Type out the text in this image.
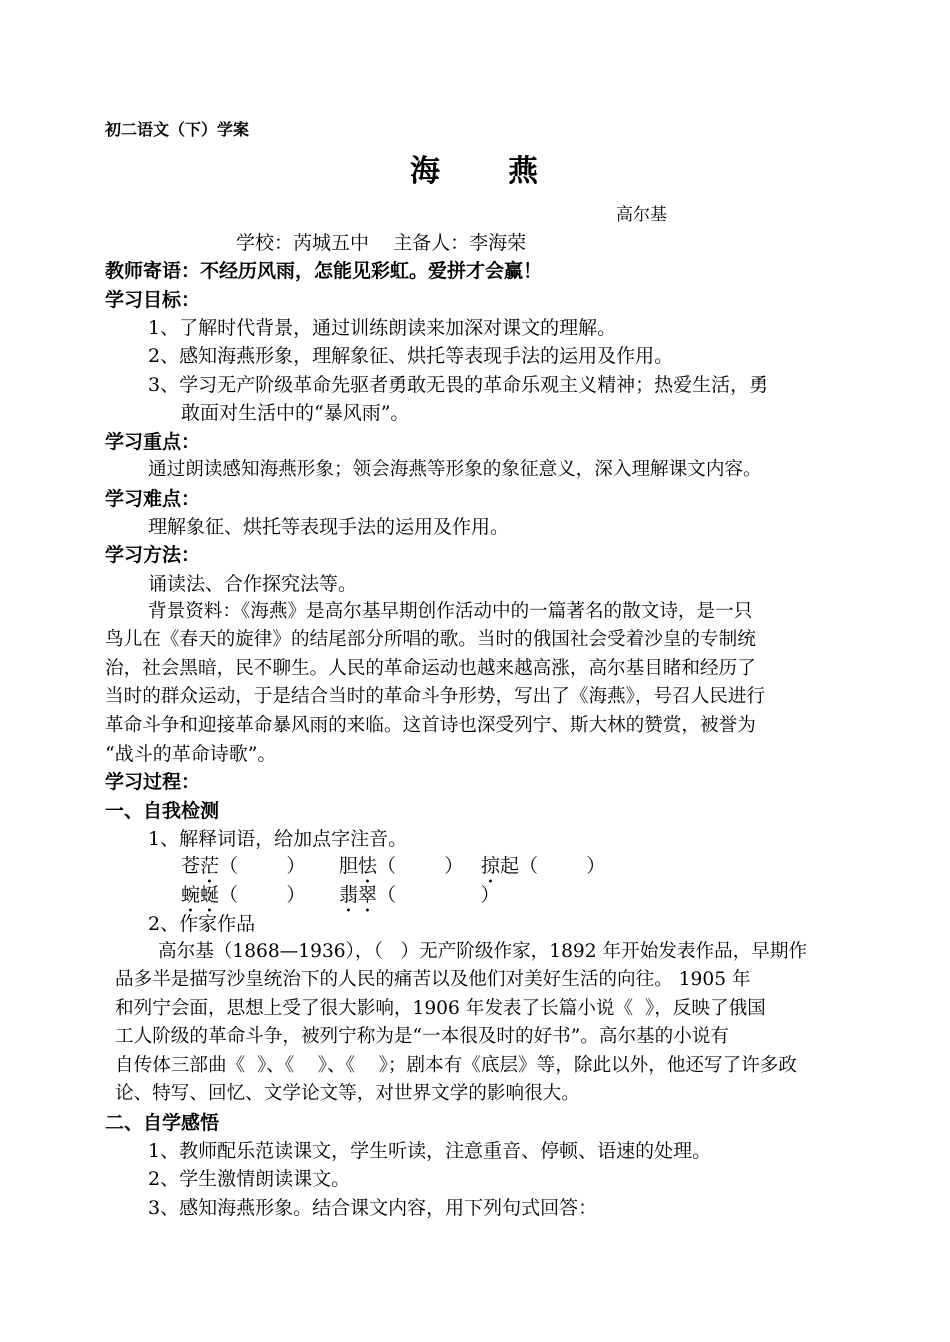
初二语文（下）学案
海 燕
高尔基
学校：芮城五中    主备人：李海荣
教师寄语：不经历风雨，怎能见彩虹。爱拼才会赢！
学习目标：
1、了解时代背景，通过训练朗读来加深对课文的理解。
2、感知海燕形象，理解象征、烘托等表现手法的运用及作用。
3、学习无产阶级革命先驱者勇敢无畏的革命乐观主义精神；热爱生活，勇
敢面对生活中的“暴风雨”。
学习重点：
通过朗读感知海燕形象；领会海燕等形象的象征意义，深入理解课文内容。
学习难点：
理解象征、烘托等表现手法的运用及作用。
学习方法：
诵读法、合作探究法等。
背景资料：《海燕》是高尔基早期创作活动中的一篇著名的散文诗，是一只
鸟儿在《春天的旋律》的结尾部分所唱的歌。当时的俄国社会受着沙皇的专制统
治，社会黑暗，民不聊生。人民的革命运动也越来越高涨，高尔基目睹和经历了
当时的群众运动，于是结合当时的革命斗争形势，写出了《海燕》，号召人民进行
革命斗争和迎接革命暴风雨的来临。这首诗也深受列宁、斯大林的赞赏，被誉为
“战斗的革命诗歌”。
学习过程：
一、自我检测
1、解释词语，给加点字注音。
苍茫（        ） 胆怯（        ） 掠起（        ）
蜿蜒（        ） 翡翠（              ）
2、作家作品
高尔基（1868—1936），（   ）无产阶级作家，1892 年开始发表作品，早期作
品多半是描写沙皇统治下的人民的痛苦以及他们对美好生活的向往。 1905 年
和列宁会面，思想上受了很大影响，1906 年发表了长篇小说《  》，反映了俄国
工人阶级的革命斗争，被列宁称为是“一本很及时的好书”。高尔基的小说有
自传体三部曲《  》、《    》、《    》；剧本有《底层》等，除此以外，他还写了许多政
论、特写、回忆、文学论文等，对世界文学的影响很大。
二、自学感悟
1、教师配乐范读课文，学生听读，注意重音、停顿、语速的处理。
2、学生激情朗读课文。
3、感知海燕形象。结合课文内容，用下列句式回答：
